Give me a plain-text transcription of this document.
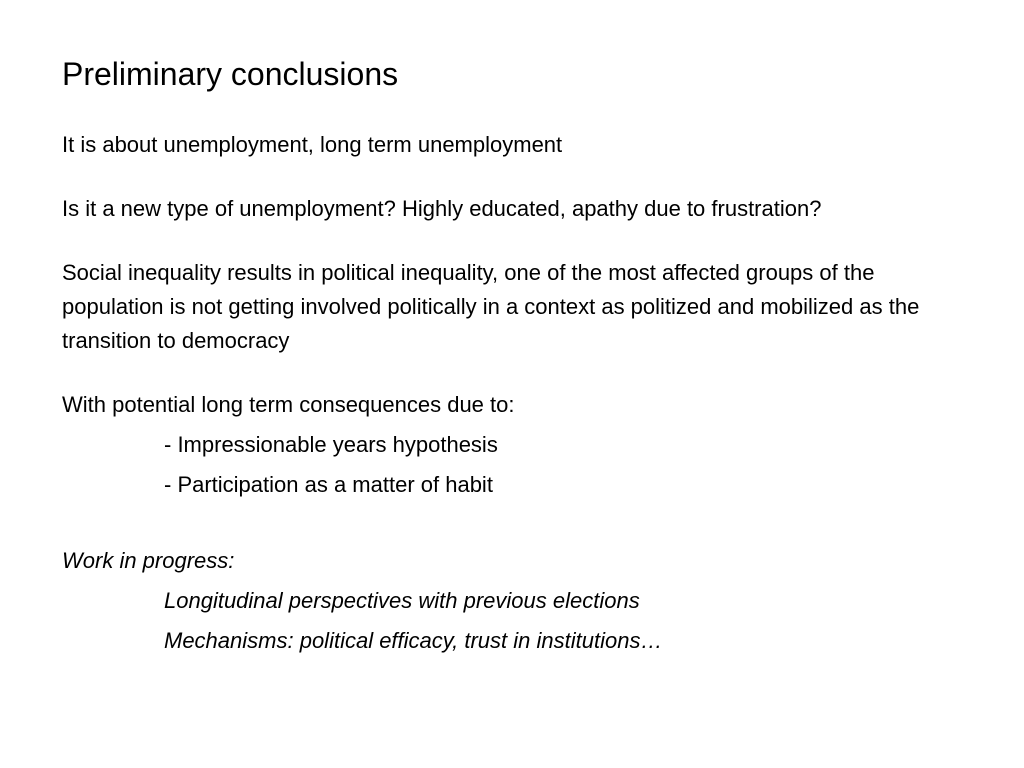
Preliminary conclusions

It is about unemployment, long term unemployment

Is it a new type of unemployment? Highly educated, apathy due to frustration?

Social inequality results in political inequality, one of the most affected groups of the population is not getting involved politically in a context as politized and mobilized as the transition to democracy

With potential long term consequences due to:

- Impressionable years hypothesis

- Participation as a matter of habit

Work in progress:

Longitudinal perspectives with previous elections

Mechanisms: political efficacy, trust in institutions…
